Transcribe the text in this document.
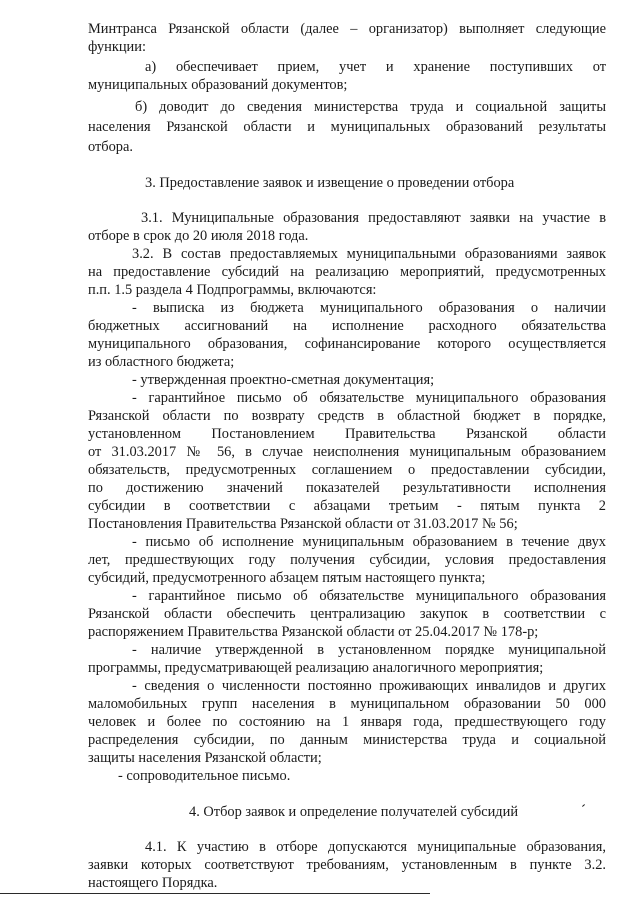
Минтранса Рязанской области (далее – организатор) выполняет следующие

функции:

а) обеспечивает прием, учет и хранение поступивших от

муниципальных образований документов;

б) доводит до сведения министерства труда и социальной защиты

населения Рязанской области и муниципальных образований результаты

отбора.

3. Предоставление заявок и извещение о проведении отбора

3.1. Муниципальные образования предоставляют заявки на участие в

отборе в срок до 20 июля 2018 года.

3.2. В состав предоставляемых муниципальными образованиями заявок

на предоставление субсидий на реализацию мероприятий, предусмотренных

п.п. 1.5 раздела 4 Подпрограммы, включаются:

- выписка из бюджета муниципального образования о наличии

бюджетных ассигнований на исполнение расходного обязательства

муниципального образования, софинансирование которого осуществляется

из областного бюджета;

- утвержденная проектно-сметная документация;

- гарантийное письмо об обязательстве муниципального образования

Рязанской области по возврату средств в областной бюджет в порядке,

установленном Постановлением Правительства Рязанской области

от 31.03.2017 № 56, в случае неисполнения муниципальным образованием

обязательств, предусмотренных соглашением о предоставлении субсидии,

по достижению значений показателей результативности исполнения

субсидии в соответствии с абзацами третьим - пятым пункта 2

Постановления Правительства Рязанской области от 31.03.2017 № 56;

- письмо об исполнение муниципальным образованием в течение двух

лет, предшествующих году получения субсидии, условия предоставления

субсидий, предусмотренного абзацем пятым настоящего пункта;

- гарантийное письмо об обязательстве муниципального образования

Рязанской области обеспечить централизацию закупок в соответствии с

распоряжением Правительства Рязанской области от 25.04.2017 № 178-р;

- наличие утвержденной в установленном порядке муниципальной

программы, предусматривающей реализацию аналогичного мероприятия;

- сведения о численности постоянно проживающих инвалидов и других

маломобильных групп населения в муниципальном образовании 50 000

человек и более по состоянию на 1 января года, предшествующего году

распределения субсидии, по данным министерства труда и социальной

защиты населения Рязанской области;

- сопроводительное письмо.

4. Отбор заявок и определение получателей субсидий

4.1. К участию в отборе допускаются муниципальные образования,

заявки которых соответствуют требованиям, установленным в пункте 3.2.

настоящего Порядка.
